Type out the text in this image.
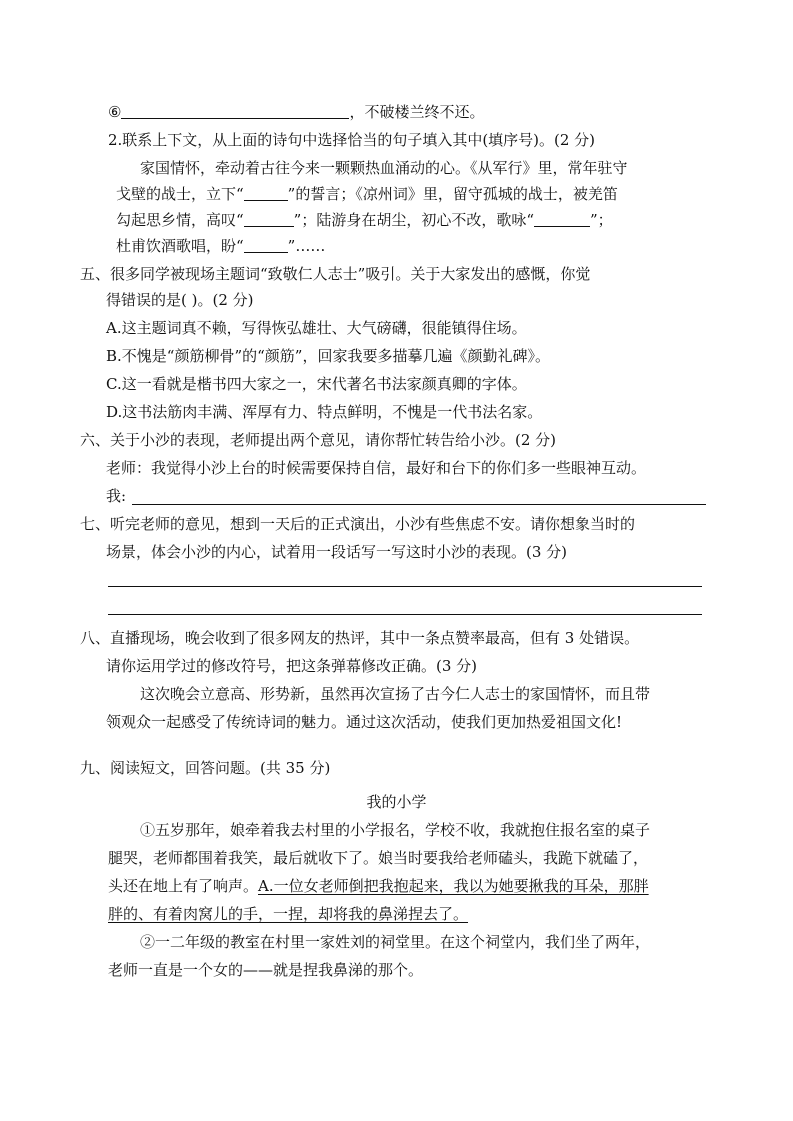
⑥	，不破楼兰终不还。
2.联系上下文，从上面的诗句中选择恰当的句子填入其中(填序号)。(2 分)
家国情怀，牵动着古往今来一颗颗热血涌动的心。《从军行》里，常年驻守
戈壁的战士，立下“	”的誓言；《凉州词》里，留守孤城的战士，被羌笛
勾起思乡情，高叹“	”；陆游身在胡尘，初心不改，歌咏“	”；
杜甫饮酒歌唱，盼“	”……
五、很多同学被现场主题词“致敬仁人志士”吸引。关于大家发出的感慨，你觉
得错误的是( )。(2 分)
A.这主题词真不赖，写得恢弘雄壮、大气磅礴，很能镇得住场。
B.不愧是“颜筋柳骨”的“颜筋”，回家我要多描摹几遍《颜勤礼碑》。
C.这一看就是楷书四大家之一，宋代著名书法家颜真卿的字体。
D.这书法筋肉丰满、浑厚有力、特点鲜明，不愧是一代书法名家。
六、关于小沙的表现，老师提出两个意见，请你帮忙转告给小沙。(2 分)
老师：我觉得小沙上台的时候需要保持自信，最好和台下的你们多一些眼神互动。
我:
七、听完老师的意见，想到一天后的正式演出，小沙有些焦虑不安。请你想象当时的
场景，体会小沙的内心，试着用一段话写一写这时小沙的表现。(3 分)
八、直播现场，晚会收到了很多网友的热评，其中一条点赞率最高，但有 3 处错误。
请你运用学过的修改符号，把这条弹幕修改正确。(3 分)
这次晚会立意高、形势新，虽然再次宣扬了古今仁人志士的家国情怀，而且带
领观众一起感受了传统诗词的魅力。通过这次活动，使我们更加热爱祖国文化!
九、阅读短文，回答问题。(共 35 分)
我的小学
①五岁那年，娘牵着我去村里的小学报名，学校不收，我就抱住报名室的桌子
腿哭，老师都围着我笑，最后就收下了。娘当时要我给老师磕头，我跪下就磕了，
头还在地上有了响声。A.一位女老师倒把我抱起来，我以为她要揪我的耳朵，那胖
胖的、有着肉窝儿的手，一捏，却将我的鼻涕捏去了。
②一二年级的教室在村里一家姓刘的祠堂里。在这个祠堂内，我们坐了两年，
老师一直是一个女的——就是捏我鼻涕的那个。
